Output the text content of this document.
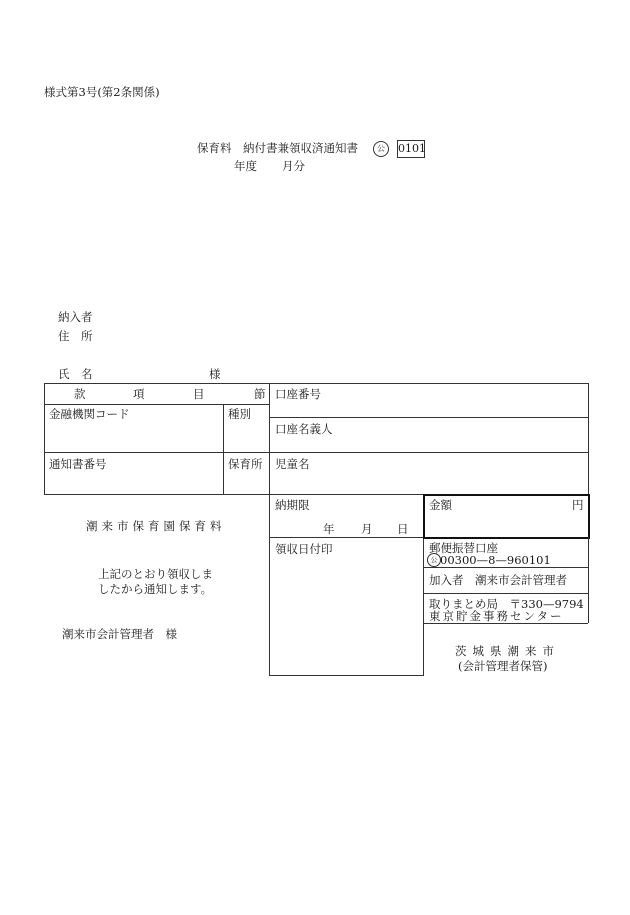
様式第3号(第2条関係)
保育料　納付書兼領収済通知書	公	0101
年度 月分
納入者
住　所
氏　名	様
款	項	目	節 口座番号
金融機関コード	種別
口座名義人
通知書番号	保育所 児童名
潮来市保育園保育料
上記のとおり領収しま
したから通知します。
潮来市会計管理者　様
納期限
年 月 日
領収日付印
金額	円
郵便振替口座
公 00300—8—960101
加入者　潮来市会計管理者
取りまとめ局　〒330—9794
東京貯金事務センター
茨城県潮来市
(会計管理者保管)
